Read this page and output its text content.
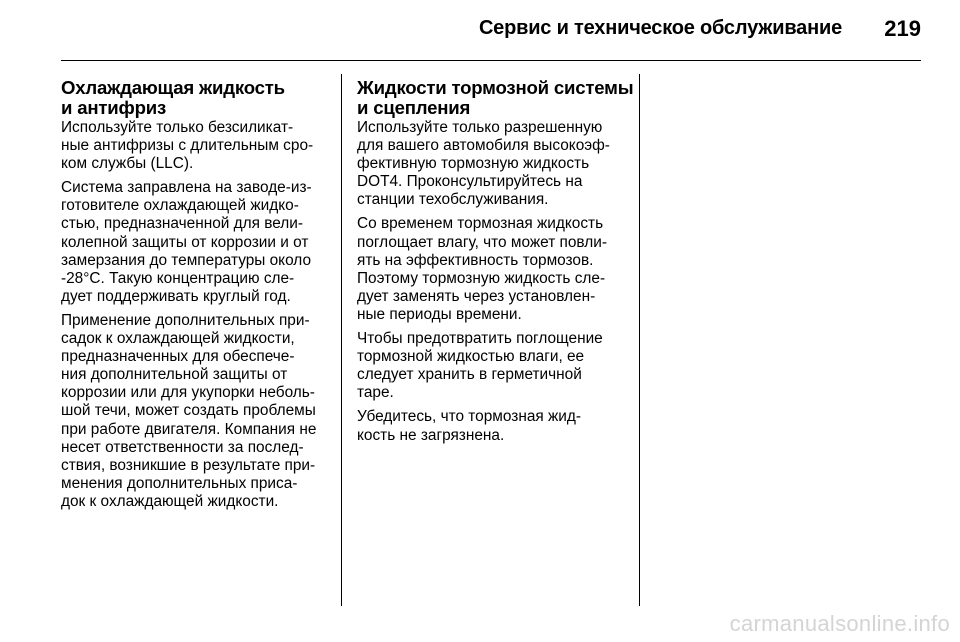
Сервис и техническое обслуживание 219
Охлаждающая жидкость
и антифриз
Используйте только безсиликат-
ные антифризы с длительным сро-
ком службы (LLC).
Система заправлена на заводе-из-
готовителе охлаждающей жидко-
стью, предназначенной для вели-
колепной защиты от коррозии и от
замерзания до температуры около
-28°C. Такую концентрацию сле-
дует поддерживать круглый год.
Применение дополнительных при-
садок к охлаждающей жидкости,
предназначенных для обеспече-
ния дополнительной защиты от
коррозии или для укупорки неболь-
шой течи, может создать проблемы
при работе двигателя. Компания не
несет ответственности за послед-
ствия, возникшие в результате при-
менения дополнительных приса-
док к охлаждающей жидкости.
Жидкости тормозной системы
и сцепления
Используйте только разрешенную
для вашего автомобиля высокоэф-
фективную тормозную жидкость
DOT4. Проконсультируйтесь на
станции техобслуживания.
Со временем тормозная жидкость
поглощает влагу, что может повли-
ять на эффективность тормозов.
Поэтому тормозную жидкость сле-
дует заменять через установлен-
ные периоды времени.
Чтобы предотвратить поглощение
тормозной жидкостью влаги, ее
следует хранить в герметичной
таре.
Убедитесь, что тормозная жид-
кость не загрязнена.
carmanualsonline.info
